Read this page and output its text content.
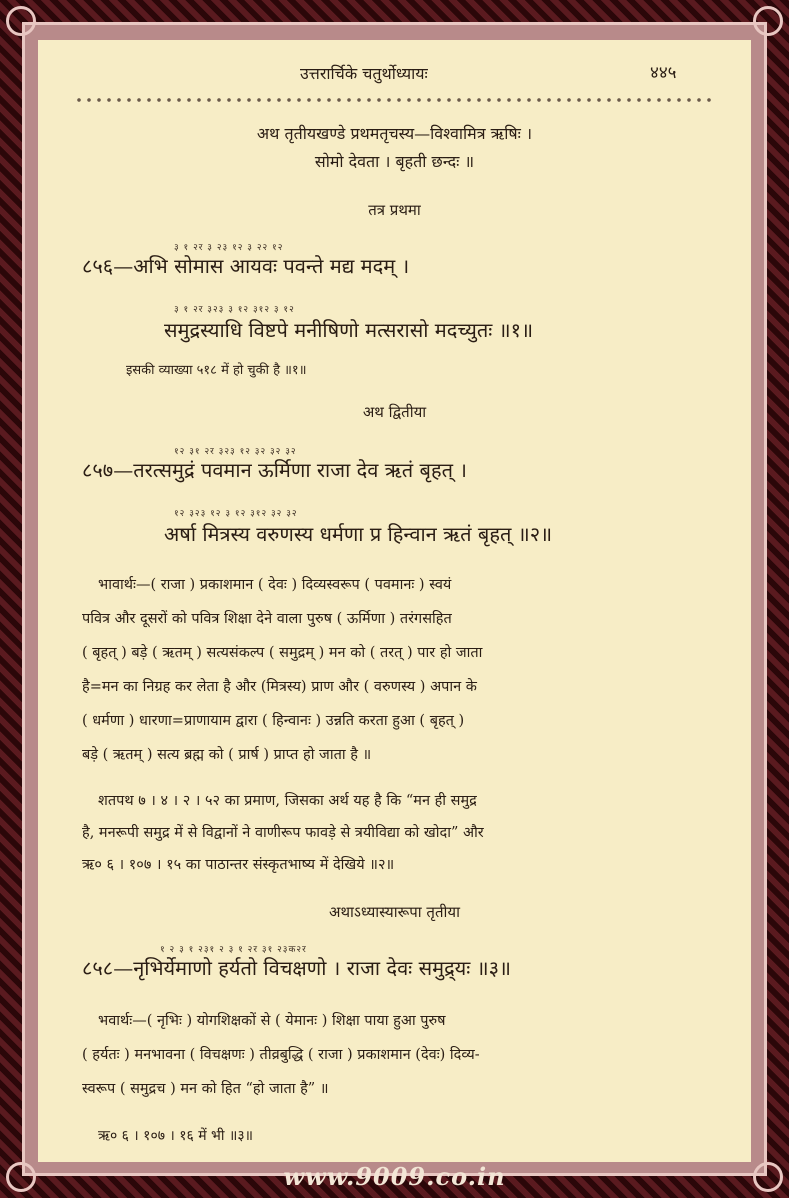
उत्तरार्चिके चतुर्थोध्यायः	४४५
अथ तृतीयखण्डे प्रथमतृचस्य—विश्वामित्र ऋषिः ।
सोमो देवता । बृहती छन्दः ॥
तत्र प्रथमा
३ १ २र ३ २३ १२ ३ २२ १२
८५६—अभि सोमास आयवः पवन्ते मद्य मदम् ।
३ १ २र ३२३ ३ १२ ३१२ ३ १२
समुद्रस्याधि विष्टपे मनीषिणो मत्सरासो मदच्युतः ॥१॥
इसकी व्याख्या ५१८ में हो चुकी है ॥१॥
अथ द्वितीया
१२ ३१ २र ३२३ १२ ३२ ३२ ३२
८५७—तरत्समुद्रं पवमान ऊर्मिणा राजा देव ऋतं बृहत् ।
१२ ३२३ १२ ३ १२ ३१२ ३२ ३२
अर्षा मित्रस्य वरुणस्य धर्मणा प्र हिन्वान ऋतं बृहत् ॥२॥
भावार्थः—( राजा ) प्रकाशमान ( देवः ) दिव्यस्वरूप ( पवमानः ) स्वयं
पवित्र और दूसरों को पवित्र शिक्षा देने वाला पुरुष ( ऊर्मिणा ) तरंगसहित
( बृहत् ) बड़े ( ऋतम् ) सत्यसंकल्प ( समुद्रम् ) मन को ( तरत् ) पार हो जाता
है=मन का निग्रह कर लेता है और (मित्रस्य) प्राण और ( वरुणस्य ) अपान के
( धर्मणा ) धारणा=प्राणायाम द्वारा ( हिन्वानः ) उन्नति करता हुआ ( बृहत् )
बड़े ( ऋतम् ) सत्य ब्रह्म को ( प्रार्ष ) प्राप्त हो जाता है ॥
शतपथ ७ । ४ । २ । ५२ का प्रमाण, जिसका अर्थ यह है कि “मन ही समुद्र
है, मनरूपी समुद्र में से विद्वानों ने वाणीरूप फावड़े से त्रयीविद्या को खोदा” और
ऋ० ६ । १०७ । १५ का पाठान्तर संस्कृतभाष्य में देखिये ॥२॥
अथाऽध्यास्यारूपा तृतीया
१ २ ३ १ २३१ २ ३ १ २र ३१ २३क२र
८५८—नृभिर्येमाणो हर्यतो विचक्षणो । राजा देवः समुद्र्यः ॥३॥
भवार्थः—( नृभिः ) योगशिक्षकों से ( येमानः ) शिक्षा पाया हुआ पुरुष
( हर्यतः ) मनभावना ( विचक्षणः ) तीव्रबुद्धि ( राजा ) प्रकाशमान (देवः) दिव्य-
स्वरूप ( समुद्रच ) मन को हित “हो जाता है” ॥
ऋ० ६ । १०७ । १६ में भी ॥३॥
www.9009.co.in
